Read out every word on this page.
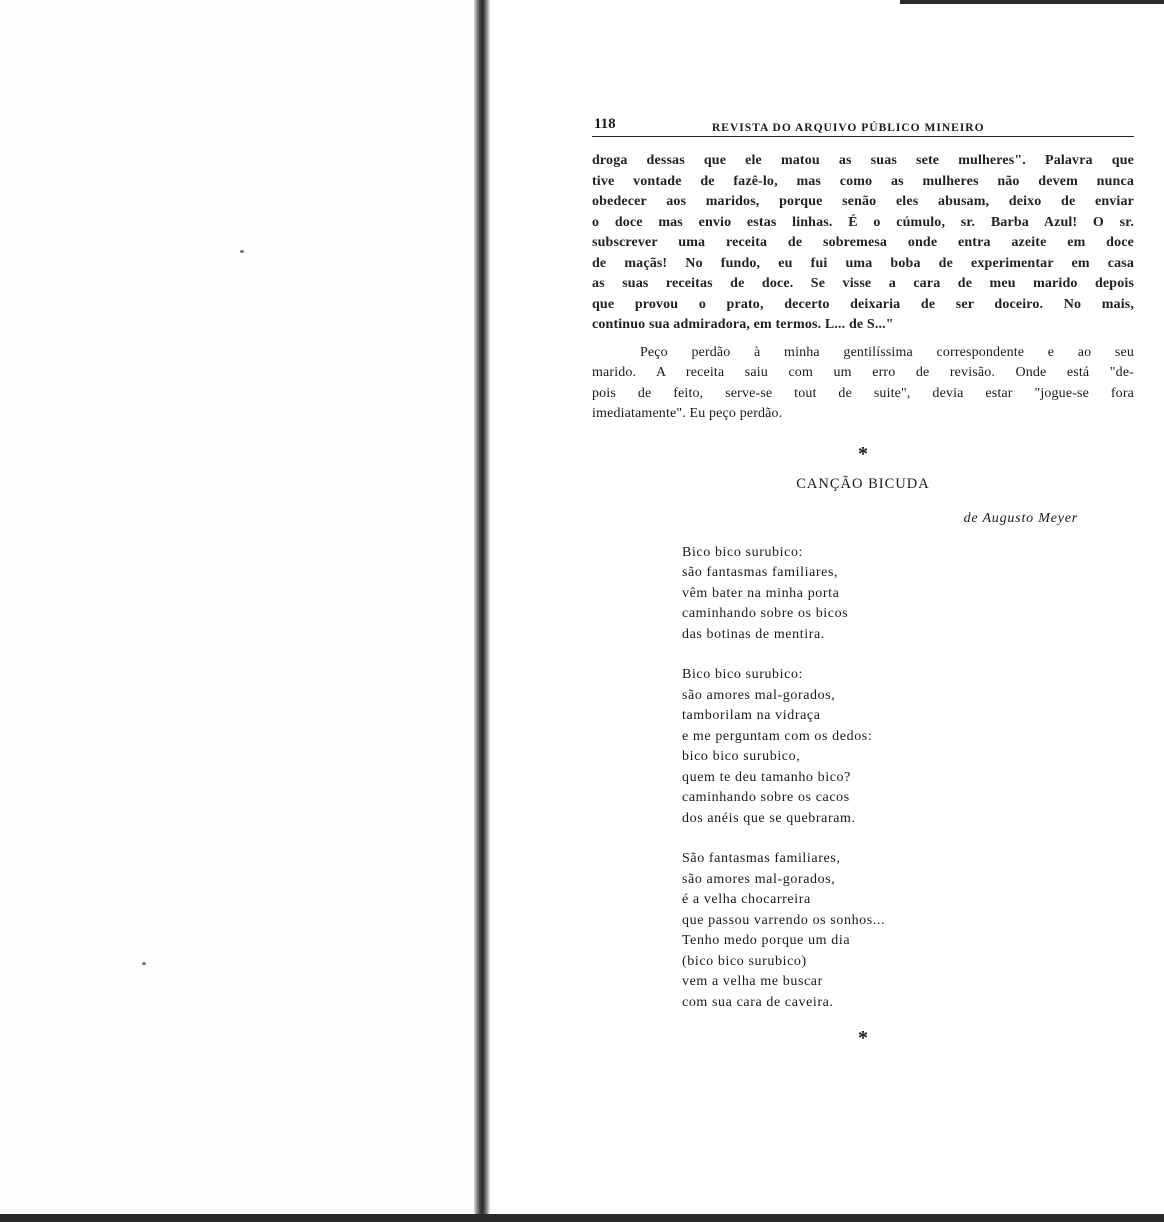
118	REVISTA DO ARQUIVO PÚBLICO MINEIRO

droga dessas que ele matou as suas sete mulheres". Palavra que
tive vontade de fazê-lo, mas como as mulheres não devem nunca
obedecer aos maridos, porque senão eles abusam, deixo de enviar
o doce mas envio estas linhas. É o cúmulo, sr. Barba Azul! O sr.
subscrever uma receita de sobremesa onde entra azeite em doce
de maçãs! No fundo, eu fui uma boba de experimentar em casa
as suas receitas de doce. Se visse a cara de meu marido depois
que provou o prato, decerto deixaria de ser doceiro. No mais,
continuo sua admiradora, em termos. L... de S..."

Peço perdão à minha gentilíssima correspondente e ao seu
marido. A receita saiu com um erro de revisão. Onde está "de-
pois de feito, serve-se tout de suite", devia estar "jogue-se fora
imediatamente". Eu peço perdão.

*
CANÇÃO BICUDA
de Augusto Meyer
Bico bico surubico:
são fantasmas familiares,
vêm bater na minha porta
caminhando sobre os bicos
das botinas de mentira.
Bico bico surubico:
são amores mal-gorados,
tamborilam na vidraça
e me perguntam com os dedos:
bico bico surubico,
quem te deu tamanho bico?
caminhando sobre os cacos
dos anéis que se quebraram.
São fantasmas familiares,
são amores mal-gorados,
é a velha chocarreira
que passou varrendo os sonhos...
Tenho medo porque um dia
(bico bico surubico)
vem a velha me buscar
com sua cara de caveira.
*
